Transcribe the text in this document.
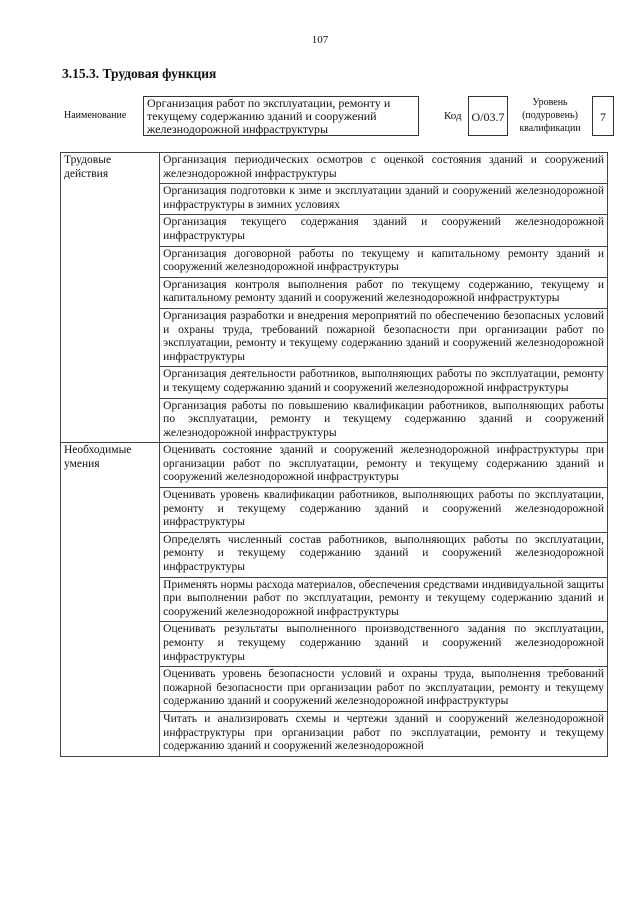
107
3.15.3. Трудовая функция
Наименование
Организация работ по эксплуатации, ремонту и текущему содержанию зданий и сооружений железнодорожной инфраструктуры
Код O/03.7
Уровень (подуровень) квалификации
7
Трудовые действия	Организация периодических осмотров с оценкой состояния зданий и сооружений железнодорожной инфраструктуры
	Организация подготовки к зиме и эксплуатации зданий и сооружений железнодорожной инфраструктуры в зимних условиях
	Организация текущего содержания зданий и сооружений железнодорожной инфраструктуры
	Организация договорной работы по текущему и капитальному ремонту зданий и сооружений железнодорожной инфраструктуры
	Организация контроля выполнения работ по текущему содержанию, текущему и капитальному ремонту зданий и сооружений железнодорожной инфраструктуры
	Организация разработки и внедрения мероприятий по обеспечению безопасных условий и охраны труда, требований пожарной безопасности при организации работ по эксплуатации, ремонту и текущему содержанию зданий и сооружений железнодорожной инфраструктуры
	Организация деятельности работников, выполняющих работы по эксплуатации, ремонту и текущему содержанию зданий и сооружений железнодорожной инфраструктуры
	Организация работы по повышению квалификации работников, выполняющих работы по эксплуатации, ремонту и текущему содержанию зданий и сооружений железнодорожной инфраструктуры
Необходимые умения	Оценивать состояние зданий и сооружений железнодорожной инфраструктуры при организации работ по эксплуатации, ремонту и текущему содержанию зданий и сооружений железнодорожной инфраструктуры
	Оценивать уровень квалификации работников, выполняющих работы по эксплуатации, ремонту и текущему содержанию зданий и сооружений железнодорожной инфраструктуры
	Определять численный состав работников, выполняющих работы по эксплуатации, ремонту и текущему содержанию зданий и сооружений железнодорожной инфраструктуры
	Применять нормы расхода материалов, обеспечения средствами индивидуальной защиты при выполнении работ по эксплуатации, ремонту и текущему содержанию зданий и сооружений железнодорожной инфраструктуры
	Оценивать результаты выполненного производственного задания по эксплуатации, ремонту и текущему содержанию зданий и сооружений железнодорожной инфраструктуры
	Оценивать уровень безопасности условий и охраны труда, выполнения требований пожарной безопасности при организации работ по эксплуатации, ремонту и текущему содержанию зданий и сооружений железнодорожной инфраструктуры
	Читать и анализировать схемы и чертежи зданий и сооружений железнодорожной инфраструктуры при организации работ по эксплуатации, ремонту и текущему содержанию зданий и сооружений железнодорожной
